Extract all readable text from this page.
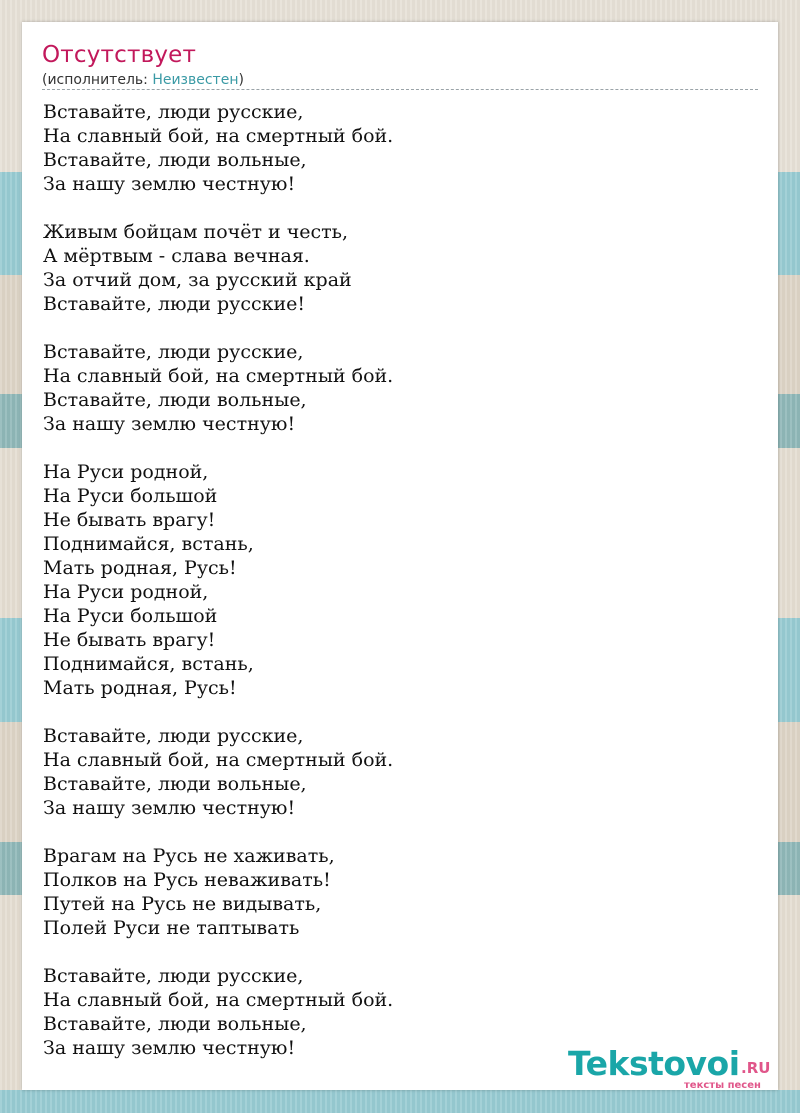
Отсутствует
(исполнитель: Неизвестен)
Вставайте, люди русские,
На славный бой, на смертный бой.
Вставайте, люди вольные,
За нашу землю честную!
Живым бойцам почёт и честь,
А мёртвым - слава вечная.
За отчий дом, за русский край
Вставайте, люди русские!
Вставайте, люди русские,
На славный бой, на смертный бой.
Вставайте, люди вольные,
За нашу землю честную!
На Руси родной,
На Руси большой
Не бывать врагу!
Поднимайся, встань,
Мать родная, Русь!
На Руси родной,
На Руси большой
Не бывать врагу!
Поднимайся, встань,
Мать родная, Русь!
Вставайте, люди русские,
На славный бой, на смертный бой.
Вставайте, люди вольные,
За нашу землю честную!
Врагам на Русь не хаживать,
Полков на Русь неваживать!
Путей на Русь не видывать,
Полей Руси не таптывать
Вставайте, люди русские,
На славный бой, на смертный бой.
Вставайте, люди вольные,
За нашу землю честную!	Tekstovoi .RU
тексты песен
